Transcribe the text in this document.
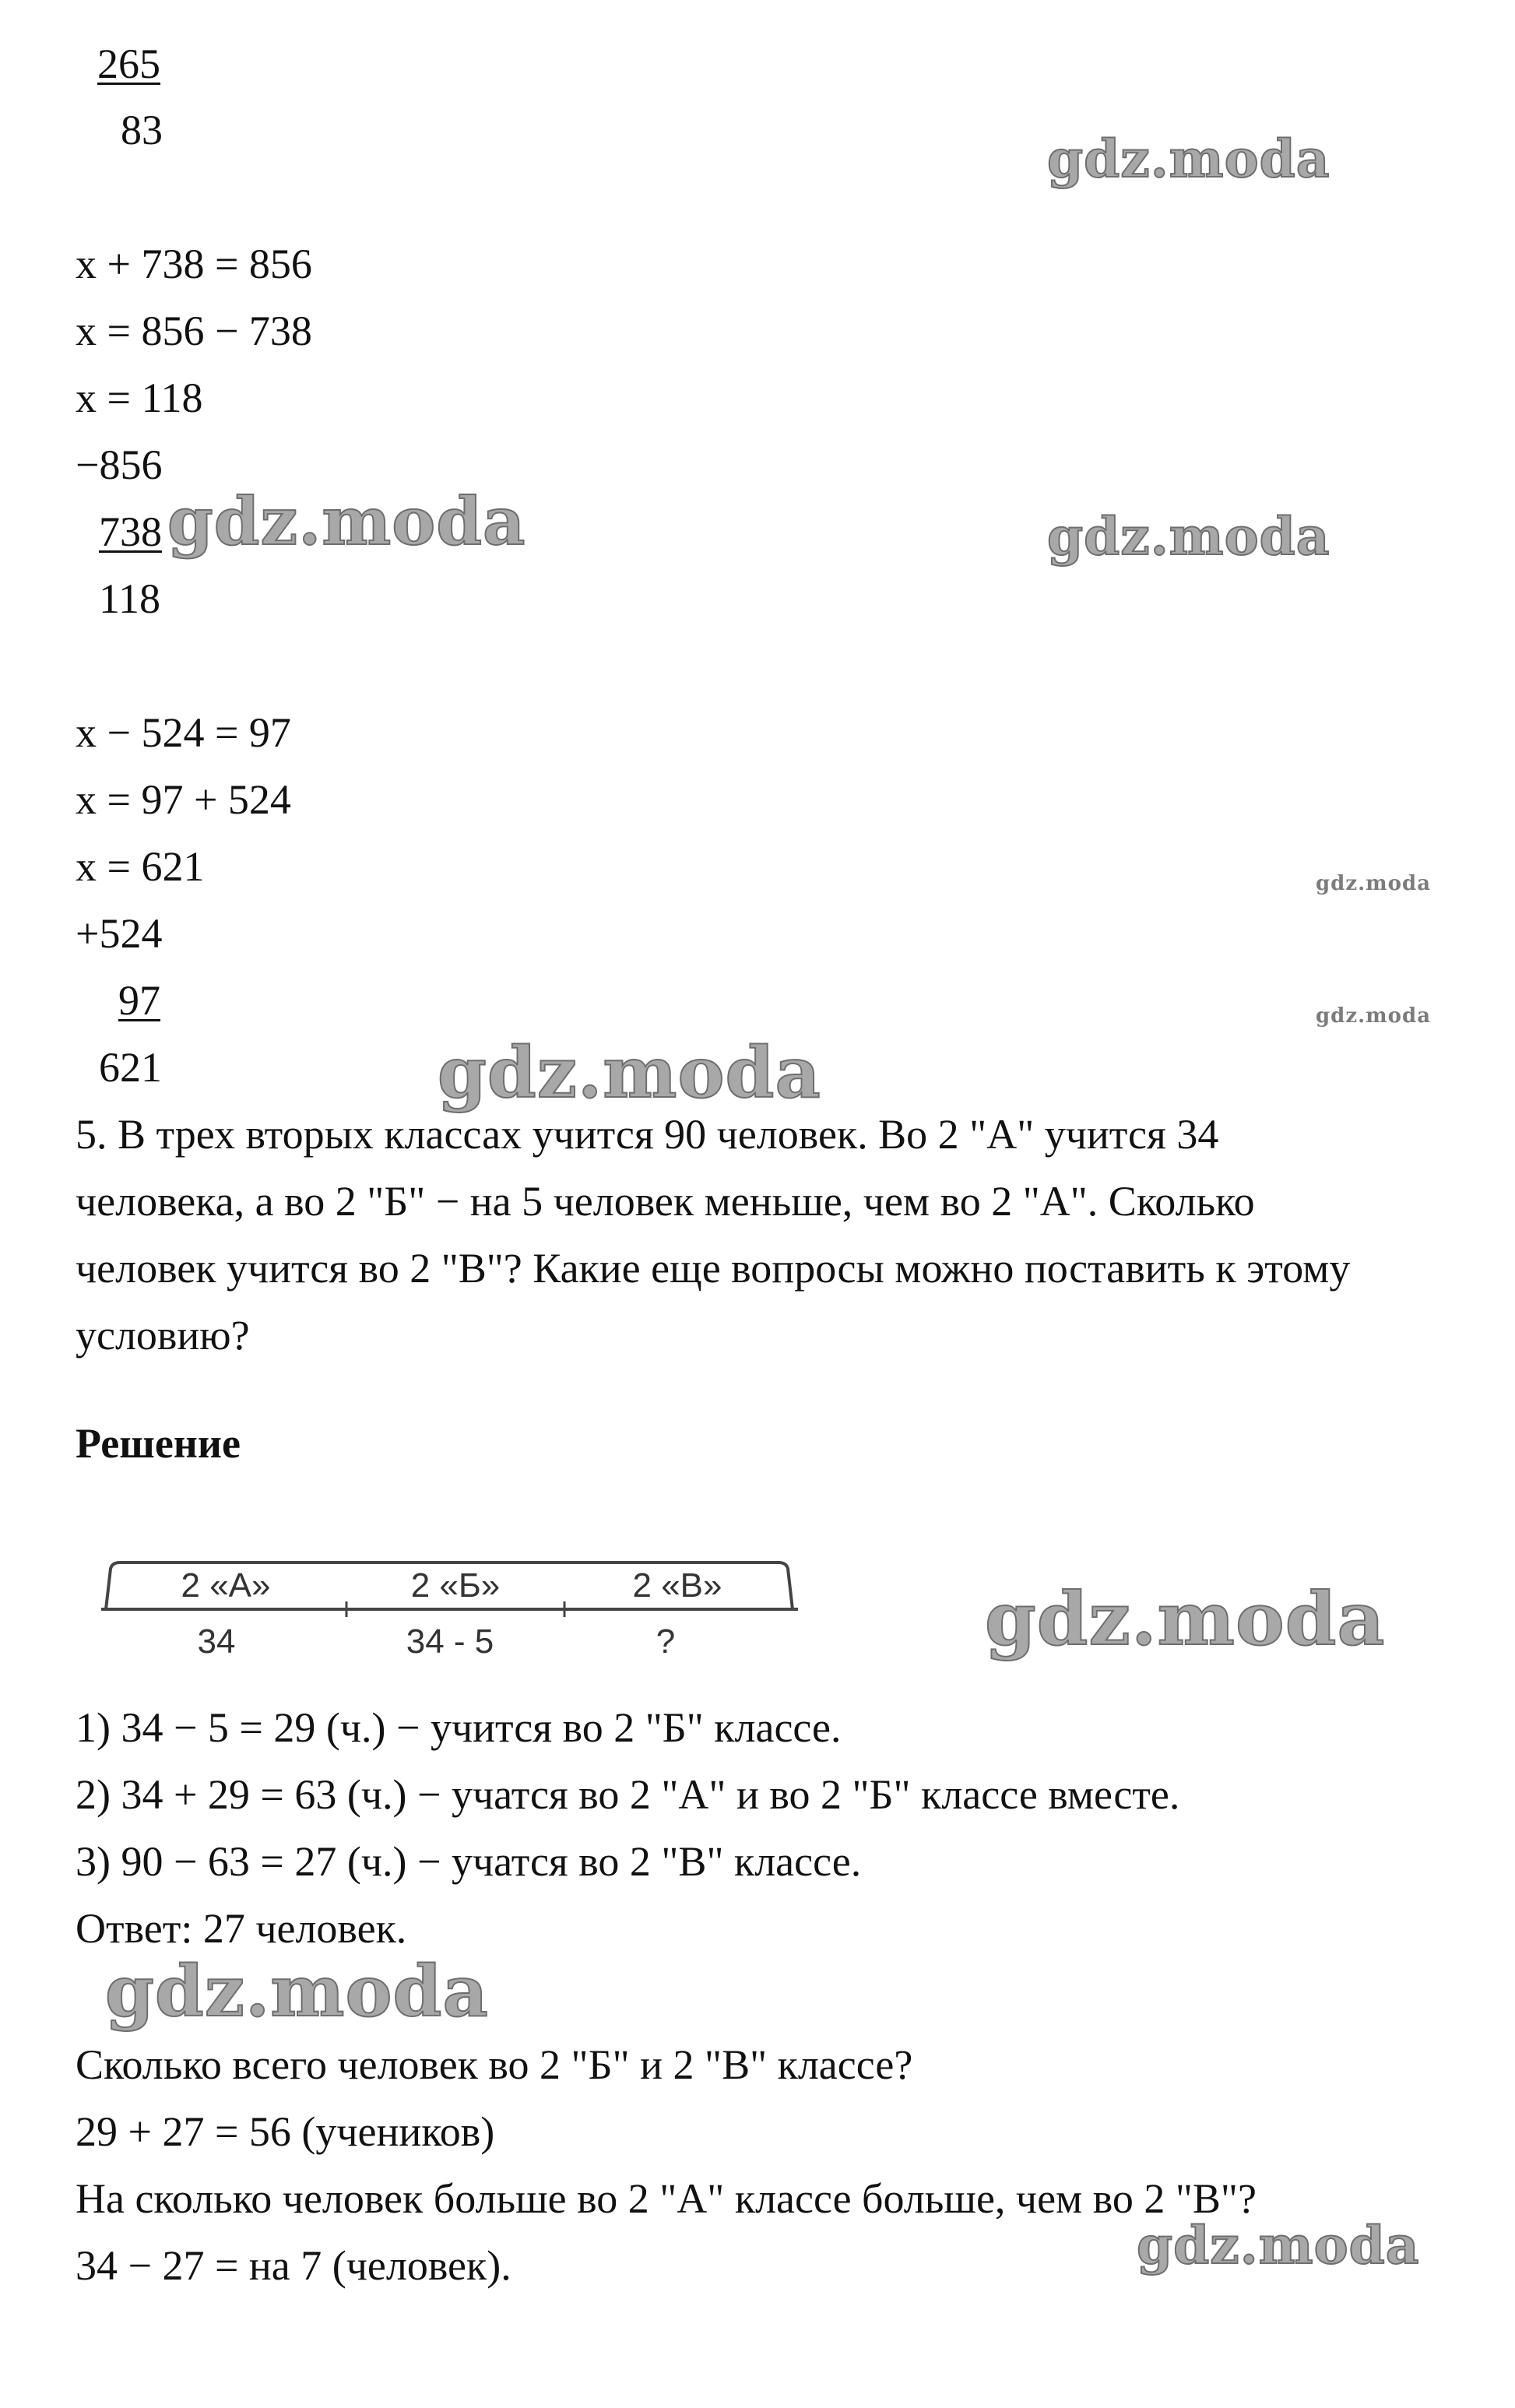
265
83
x + 738 = 856
x = 856 − 738
x = 118
−856
738
118
x − 524 = 97
x = 97 + 524
x = 621
+524
97
621
5. В трех вторых классах учится 90 человек. Во 2 "А" учится 34
человека, а во 2 "Б" − на 5 человек меньше, чем во 2 "А". Сколько
человек учится во 2 "В"? Какие еще вопросы можно поставить к этому
условию?
Решение
2 «А»	2 «Б»	2 «В»
34	34 - 5	?
1) 34 − 5 = 29 (ч.) − учится во 2 "Б" классе.
2) 34 + 29 = 63 (ч.) − учатся во 2 "А" и во 2 "Б" классе вместе.
3) 90 − 63 = 27 (ч.) − учатся во 2 "В" классе.
Ответ: 27 человек.
Сколько всего человек во 2 "Б" и 2 "В" классе?
29 + 27 = 56 (учеников)
На сколько человек больше во 2 "А" классе больше, чем во 2 "В"?
34 − 27 = на 7 (человек).
gdz.moda
gdz.moda	gdz.moda
gdz.moda
gdz.moda
gdz.moda
gdz.moda
gdz.moda
gdz.moda
